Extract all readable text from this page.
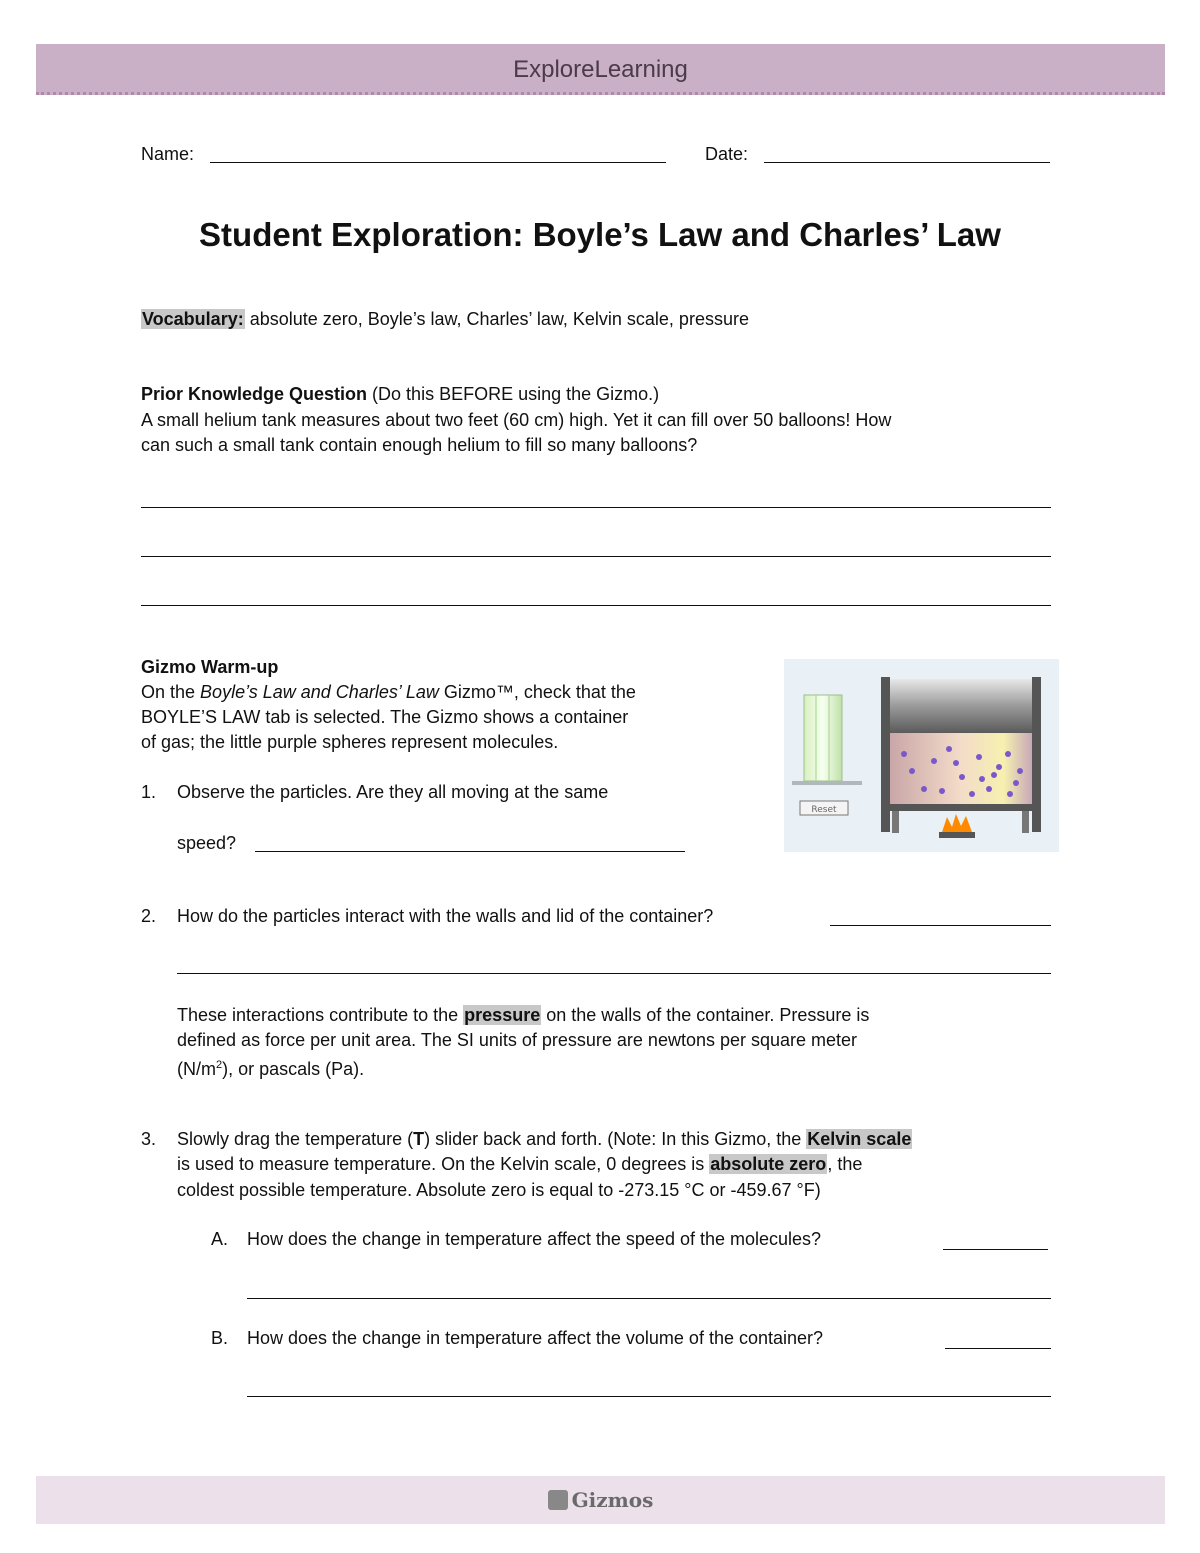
ExploreLearning
Name:	Date:
Student Exploration: Boyle’s Law and Charles’ Law
Vocabulary: absolute zero, Boyle’s law, Charles’ law, Kelvin scale, pressure
Prior Knowledge Question (Do this BEFORE using the Gizmo.)
A small helium tank measures about two feet (60 cm) high. Yet it can fill over 50 balloons! How
can such a small tank contain enough helium to fill so many balloons?
Gizmo Warm-up
On the Boyle’s Law and Charles’ Law Gizmo™, check that the
BOYLE’S LAW tab is selected. The Gizmo shows a container
of gas; the little purple spheres represent molecules.
Reset
1. Observe the particles. Are they all moving at the same
speed?
2. How do the particles interact with the walls and lid of the container?
These interactions contribute to the pressure on the walls of the container. Pressure is
defined as force per unit area. The SI units of pressure are newtons per square meter
$(N/m^2)$, or pascals (Pa).
3. Slowly drag the temperature (T) slider back and forth. (Note: In this Gizmo, the Kelvin scale
is used to measure temperature. On the Kelvin scale, 0 degrees is absolute zero, the
coldest possible temperature. Absolute zero is equal to -273.15 °C or -459.67 °F)
A. How does the change in temperature affect the speed of the molecules?
B. How does the change in temperature affect the volume of the container?
Gizmos
